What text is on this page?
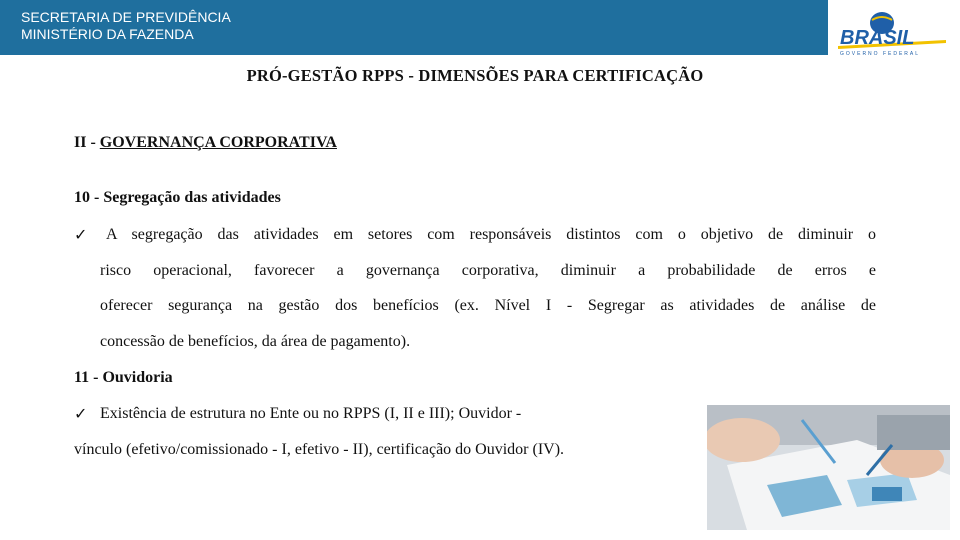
SECRETARIA DE PREVIDÊNCIA
MINISTÉRIO DA FAZENDA	BRASIL
GOVERNO FEDERAL
PRÓ-GESTÃO RPPS - DIMENSÕES PARA CERTIFICAÇÃO
II - GOVERNANÇA CORPORATIVA
10 - Segregação das atividades
✓ A segregação das atividades em setores com responsáveis distintos com o objetivo de diminuir o
risco operacional, favorecer a governança corporativa, diminuir a probabilidade de erros e
oferecer segurança na gestão dos benefícios (ex. Nível I - Segregar as atividades de análise de
concessão de benefícios, da área de pagamento).
11 - Ouvidoria
✓ Existência de estrutura no Ente ou no RPPS (I, II e III); Ouvidor -
vínculo (efetivo/comissionado - I, efetivo - II), certificação do Ouvidor (IV).
